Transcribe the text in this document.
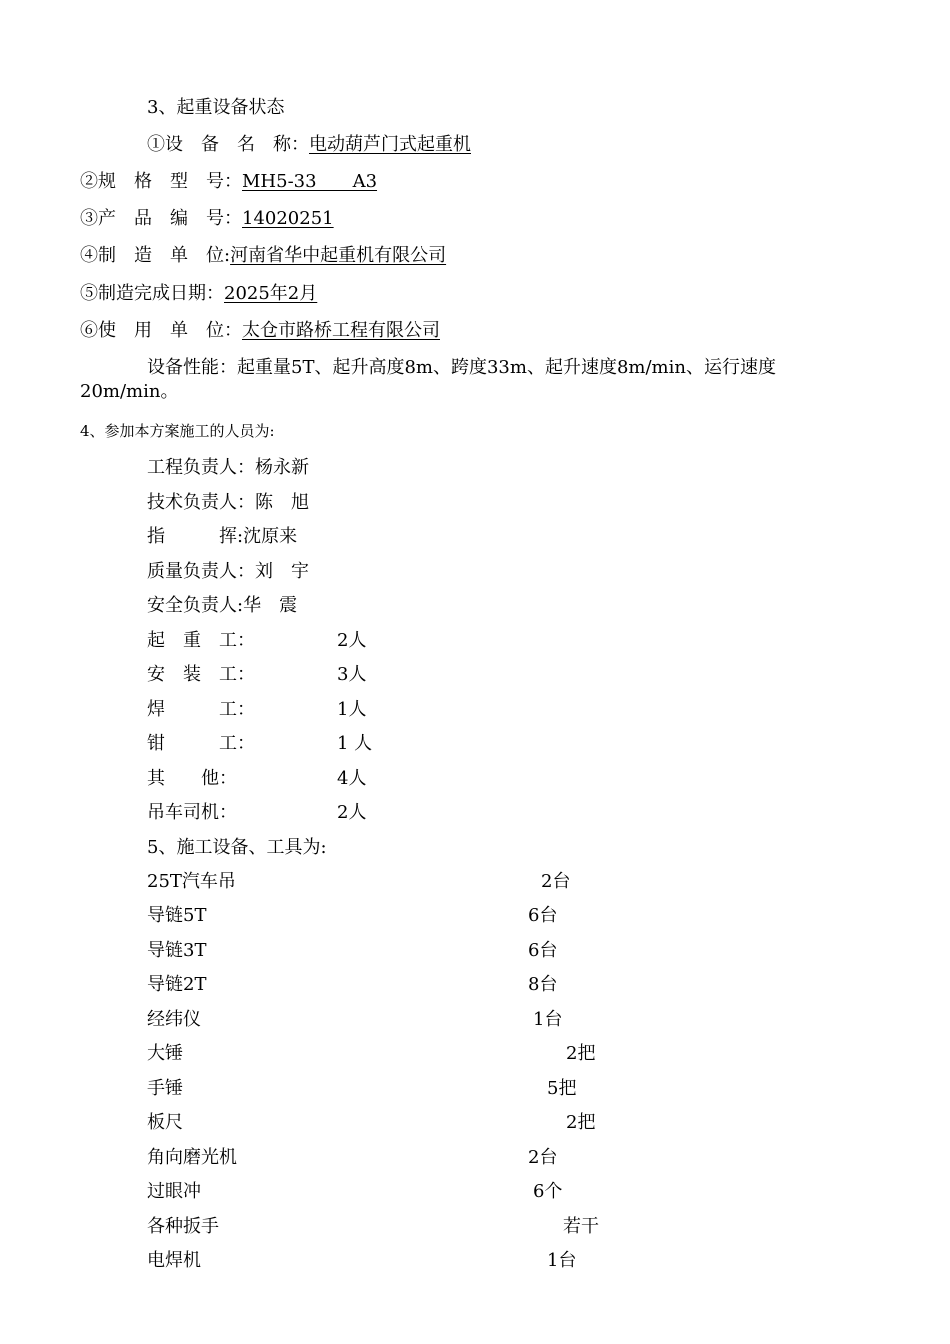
3、起重设备状态
①设　备　名　称：电动葫芦门式起重机
②规　格　型　号：MH5-33　　A3
③产　品　编　号：14020251
④制　造　单　位:河南省华中起重机有限公司
⑤制造完成日期：2025年2月
⑥使　用　单　位：太仓市路桥工程有限公司
设备性能：起重量5T、起升高度8m、跨度33m、起升速度8m/min、运行速度
20m/min。
4、参加本方案施工的人员为:
工程负责人：杨永新
技术负责人：陈　旭
指　　　挥:沈原来
质量负责人：刘　宇
安全负责人:华　震
起　重　工：	2人
安　装　工：	3人
焊　　　工：	1人
钳　　　工：	1 人
其　　他：	4人
吊车司机：	2人
5、施工设备、工具为:
25T汽车吊	2台
导链5T	6台
导链3T	6台
导链2T	8台
经纬仪	1台
大锤	2把
手锤	5把
板尺	2把
角向磨光机	2台
过眼冲	6个
各种扳手	若干
电焊机	1台
